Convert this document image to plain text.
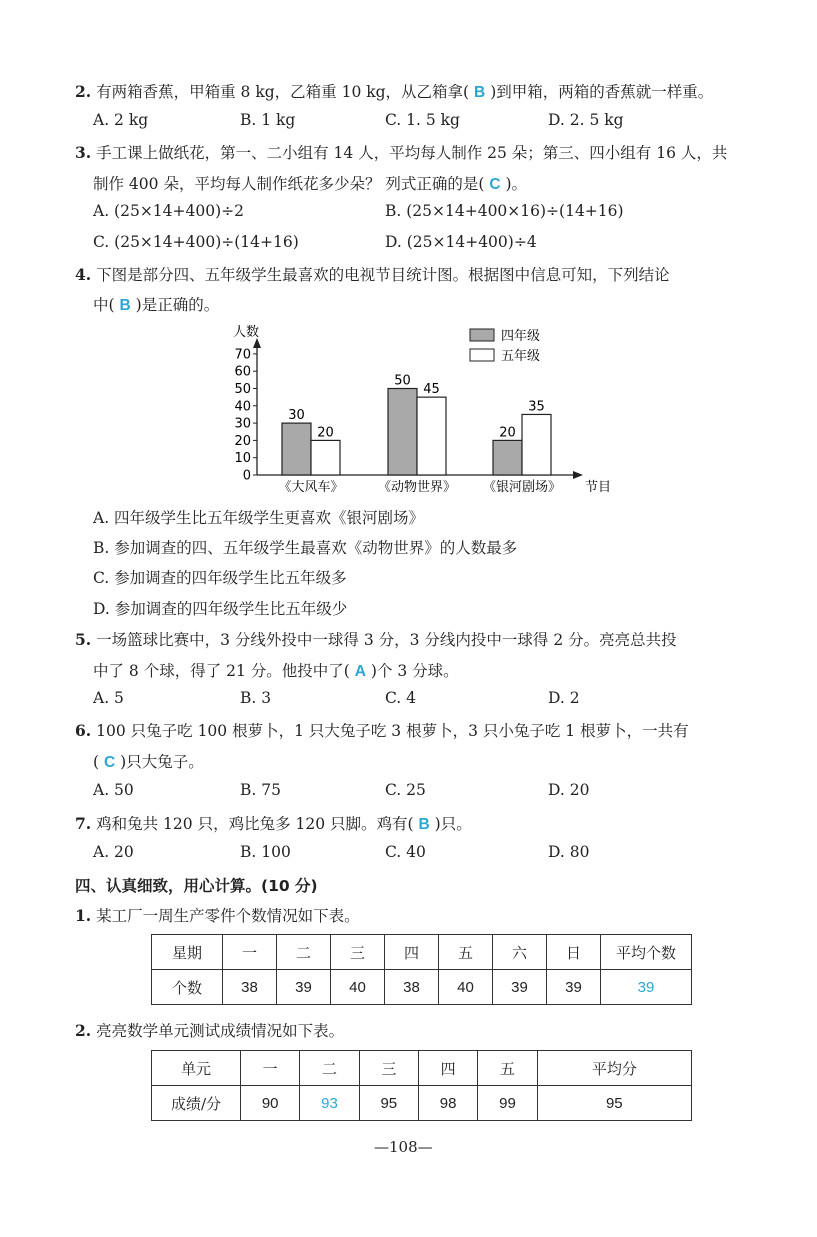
2. 有两箱香蕉，甲箱重 8 kg，乙箱重 10 kg，从乙箱拿( B )到甲箱，两箱的香蕉就一样重。
A. 2 kg	B. 1 kg	C. 1. 5 kg	D. 2. 5 kg
3. 手工课上做纸花，第一、二小组有 14 人，平均每人制作 25 朵；第三、四小组有 16 人，共
制作 400 朵，平均每人制作纸花多少朵？ 列式正确的是( C )。
A. (25×14+400)÷2	B. (25×14+400×16)÷(14+16)
C. (25×14+400)÷(14+16)	D. (25×14+400)÷4
4. 下图是部分四、五年级学生最喜欢的电视节目统计图。根据图中信息可知，下列结论
中( B )是正确的。
人数
节目
0
10
20
30
40
50
60
70
30
20
50
45
20
35
《大风车》	《动物世界》 《银河剧场》
四年级
五年级
A. 四年级学生比五年级学生更喜欢《银河剧场》
B. 参加调查的四、五年级学生最喜欢《动物世界》的人数最多
C. 参加调查的四年级学生比五年级多
D. 参加调查的四年级学生比五年级少
5. 一场篮球比赛中，3 分线外投中一球得 3 分，3 分线内投中一球得 2 分。亮亮总共投
中了 8 个球，得了 21 分。他投中了( A )个 3 分球。
A. 5	B. 3	C. 4	D. 2
6. 100 只兔子吃 100 根萝卜，1 只大兔子吃 3 根萝卜，3 只小兔子吃 1 根萝卜，一共有
( C )只大兔子。
A. 50	B. 75	C. 25	D. 20
7. 鸡和兔共 120 只，鸡比兔多 120 只脚。鸡有( B )只。
A. 20	B. 100	C. 40	D. 80
四、认真细致，用心计算。(10 分)
1. 某工厂一周生产零件个数情况如下表。
星期	一	二	三	四	五	六	日	平均个数
个数	38	39	40	38	40	39	39	39
2. 亮亮数学单元测试成绩情况如下表。
单元	一	二	三	四	五	平均分
成绩/分	90	93	95	98	99	95
—108—
